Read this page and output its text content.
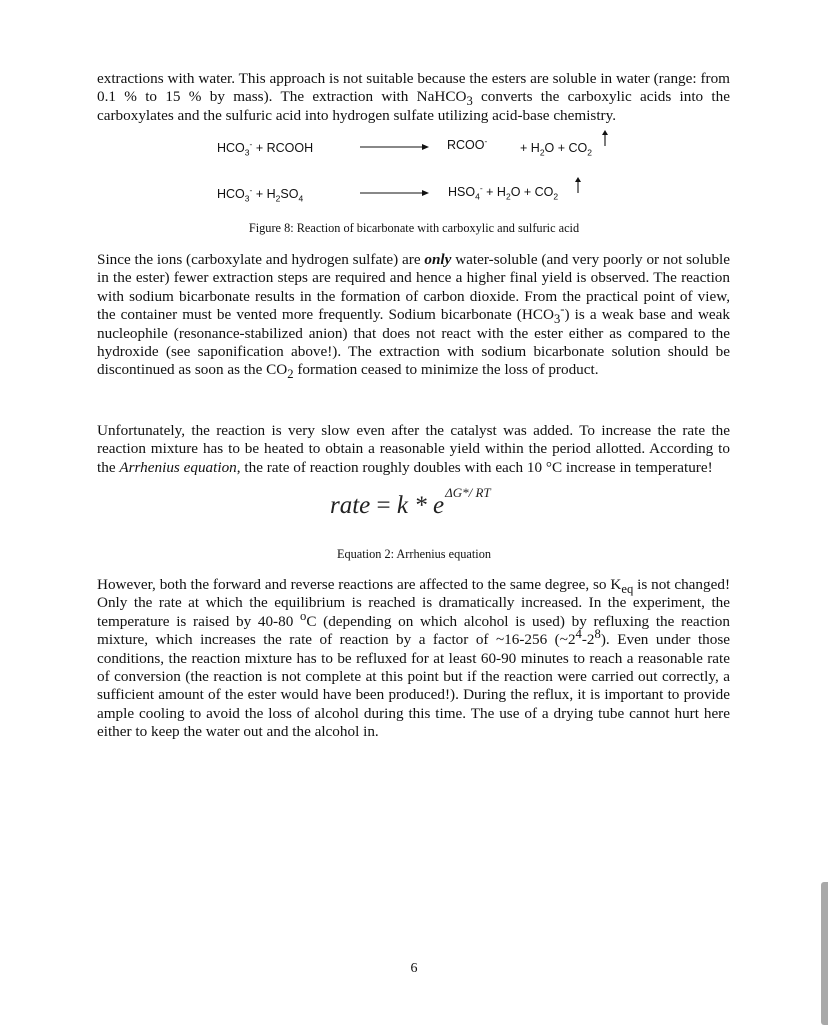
extractions with water. This approach is not suitable because the esters are soluble in water (range: from 0.1 % to 15 % by mass). The extraction with NaHCO$_3$ converts the carboxylic acids into the carboxylates and the sulfuric acid into hydrogen sulfate utilizing acid-base chemistry.

$HCO_3^-$ + RCOOH	RCOO-
+ $H_2O + CO_2$
$HCO_3^- + H_2SO_4$	$HSO_4^- + H_2O + CO_2$
Figure 8: Reaction of bicarbonate with carboxylic and sulfuric acid

Since the ions (carboxylate and hydrogen sulfate) are only water-soluble (and very poorly or not soluble in the ester) fewer extraction steps are required and hence a higher final yield is observed. The reaction with sodium bicarbonate results in the formation of carbon dioxide. From the practical point of view, the container must be vented more frequently. Sodium bicarbonate $(HCO_3^-)$ is a weak base and weak nucleophile (resonance-stabilized anion) that does not react with the ester either as compared to the hydroxide (see saponification above!). The extraction with sodium bicarbonate solution should be discontinued as soon as the $CO_2$ formation ceased to minimize the loss of product.

Unfortunately, the reaction is very slow even after the catalyst was added. To increase the rate the reaction mixture has to be heated to obtain a reasonable yield within the period allotted. According to the Arrhenius equation, the rate of reaction roughly doubles with each 10 °C increase in temperature!

rate = k * $e^{\Delta G*/ RT}$
Equation 2: Arrhenius equation

However, both the forward and reverse reactions are affected to the same degree, so $K_{eq}$ is not changed! Only the rate at which the equilibrium is reached is dramatically increased. In the experiment, the temperature is raised by 40-80 $^o$C (depending on which alcohol is used) by refluxing the reaction mixture, which increases the rate of reaction by a factor of ~16-256 $(\sim 2^4-2^8)$. Even under those conditions, the reaction mixture has to be refluxed for at least 60-90 minutes to reach a reasonable rate of conversion (the reaction is not complete at this point but if the reaction were carried out correctly, a sufficient amount of the ester would have been produced!). During the reflux, it is important to provide ample cooling to avoid the loss of alcohol during this time. The use of a drying tube cannot hurt here either to keep the water out and the alcohol in.

6
